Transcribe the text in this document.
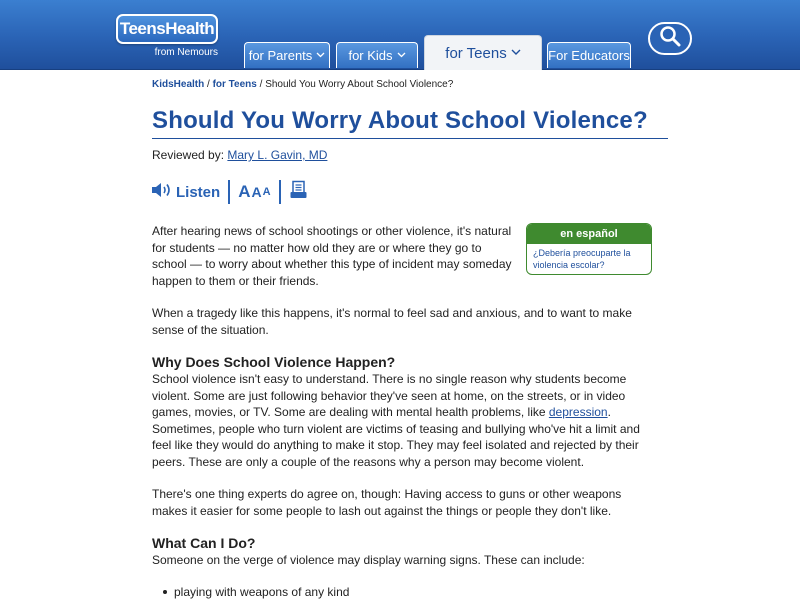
TeensHealth
from Nemours for Parents	for Kids	for Teens	For Educators
KidsHealth / for Teens / Should You Worry About School Violence?
Should You Worry About School Violence?
Reviewed by: Mary L. Gavin, MD
Listen A A A
en español
¿Debería preocuparte la violencia escolar?

After hearing news of school shootings or other violence, it's natural for students — no matter how old they are or where they go to school — to worry about whether this type of incident may someday happen to them or their friends.

When a tragedy like this happens, it's normal to feel sad and anxious, and to want to make sense of the situation.

Why Does School Violence Happen?

School violence isn't easy to understand. There is no single reason why students become violent. Some are just following behavior they've seen at home, on the streets, or in video games, movies, or TV. Some are dealing with mental health problems, like depression. Sometimes, people who turn violent are victims of teasing and bullying who've hit a limit and feel like they would do anything to make it stop. They may feel isolated and rejected by their peers. These are only a couple of the reasons why a person may become violent.

There's one thing experts do agree on, though: Having access to guns or other weapons makes it easier for some people to lash out against the things or people they don't like.

What Can I Do?

Someone on the verge of violence may display warning signs. These can include:

playing with weapons of any kind
